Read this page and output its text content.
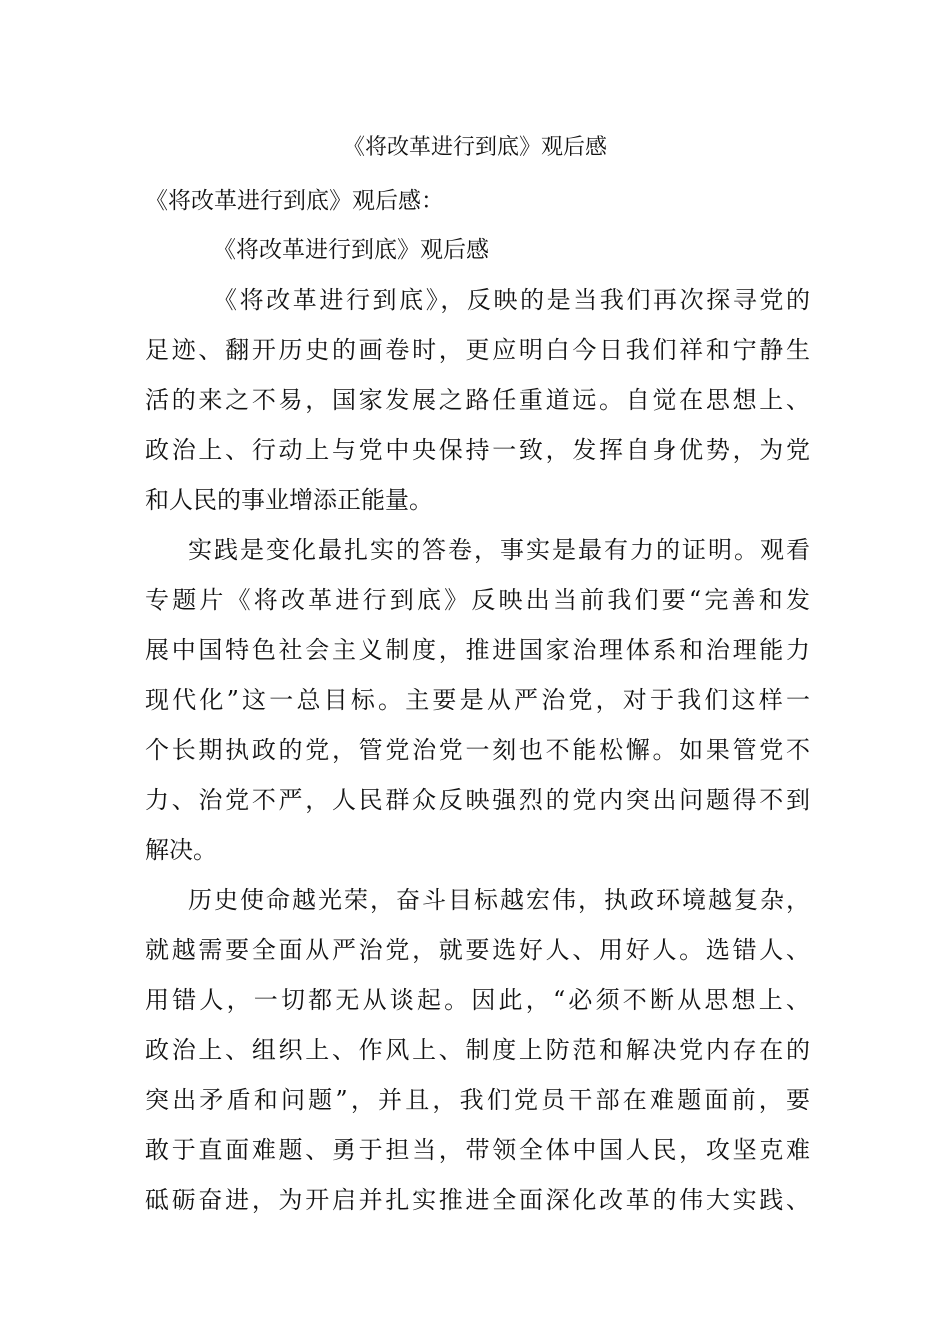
《将改革进行到底》观后感

《将改革进行到底》观后感：

《将改革进行到底》观后感

《将改革进行到底》，反映的是当我们再次探寻党的

足迹、翻开历史的画卷时，更应明白今日我们祥和宁静生

活的来之不易，国家发展之路任重道远。自觉在思想上、

政治上、行动上与党中央保持一致，发挥自身优势，为党

和人民的事业增添正能量。

实践是变化最扎实的答卷，事实是最有力的证明。观看

专题片《将改革进行到底》反映出当前我们要“完善和发

展中国特色社会主义制度，推进国家治理体系和治理能力

现代化”这一总目标。主要是从严治党，对于我们这样一

个长期执政的党，管党治党一刻也不能松懈。如果管党不

力、治党不严，人民群众反映强烈的党内突出问题得不到

解决。

历史使命越光荣，奋斗目标越宏伟，执政环境越复杂，

就越需要全面从严治党，就要选好人、用好人。选错人、

用错人，一切都无从谈起。因此，“必须不断从思想上、

政治上、组织上、作风上、制度上防范和解决党内存在的

突出矛盾和问题”，并且，我们党员干部在难题面前，要

敢于直面难题、勇于担当，带领全体中国人民，攻坚克难

砥砺奋进，为开启并扎实推进全面深化改革的伟大实践、
